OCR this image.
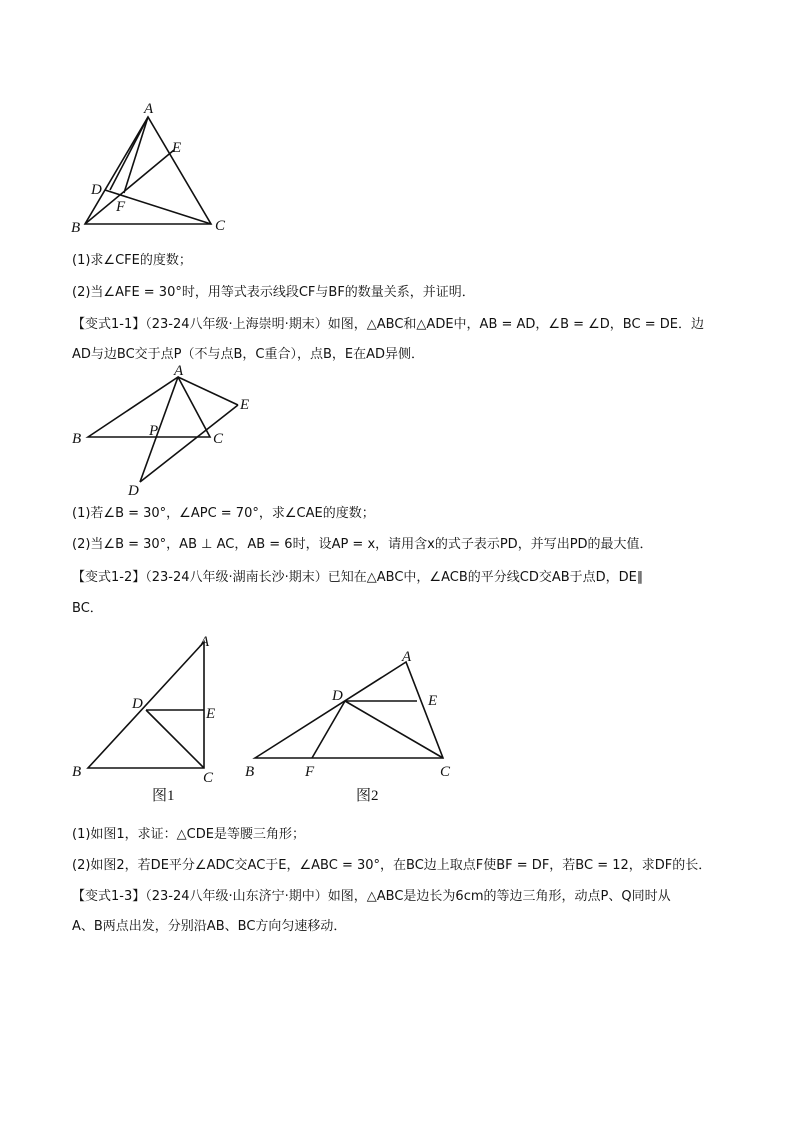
A
B	C
D
E
F
(1)求∠CFE的度数；
(2)当∠AFE = 30°时，用等式表示线段CF与BF的数量关系，并证明．
【变式1-1】（23-24八年级·上海崇明·期末）如图，△ABC和△ADE中，AB = AD，∠B = ∠D，BC = DE．边
AD与边BC交于点P（不与点B，C重合），点B，E在AD异侧．
A
B	C
D
E
P
(1)若∠B = 30°，∠APC = 70°，求∠CAE的度数；
(2)当∠B = 30°，AB ⊥ AC，AB = 6时，设AP = x，请用含x的式子表示PD，并写出PD的最大值．
【变式1-2】（23-24八年级·湖南长沙·期末）已知在△ABC中，∠ACB的平分线CD交AB于点D，DE∥
BC．
A
B	C
D
E
图1
A
B	C
D	E
F
图2
(1)如图1，求证：△CDE是等腰三角形；
(2)如图2，若DE平分∠ADC交AC于E，∠ABC = 30°，在BC边上取点F使BF = DF，若BC = 12，求DF的长．
【变式1-3】（23-24八年级·山东济宁·期中）如图，△ABC是边长为6cm的等边三角形，动点P、Q同时从
A、B两点出发，分别沿AB、BC方向匀速移动．
